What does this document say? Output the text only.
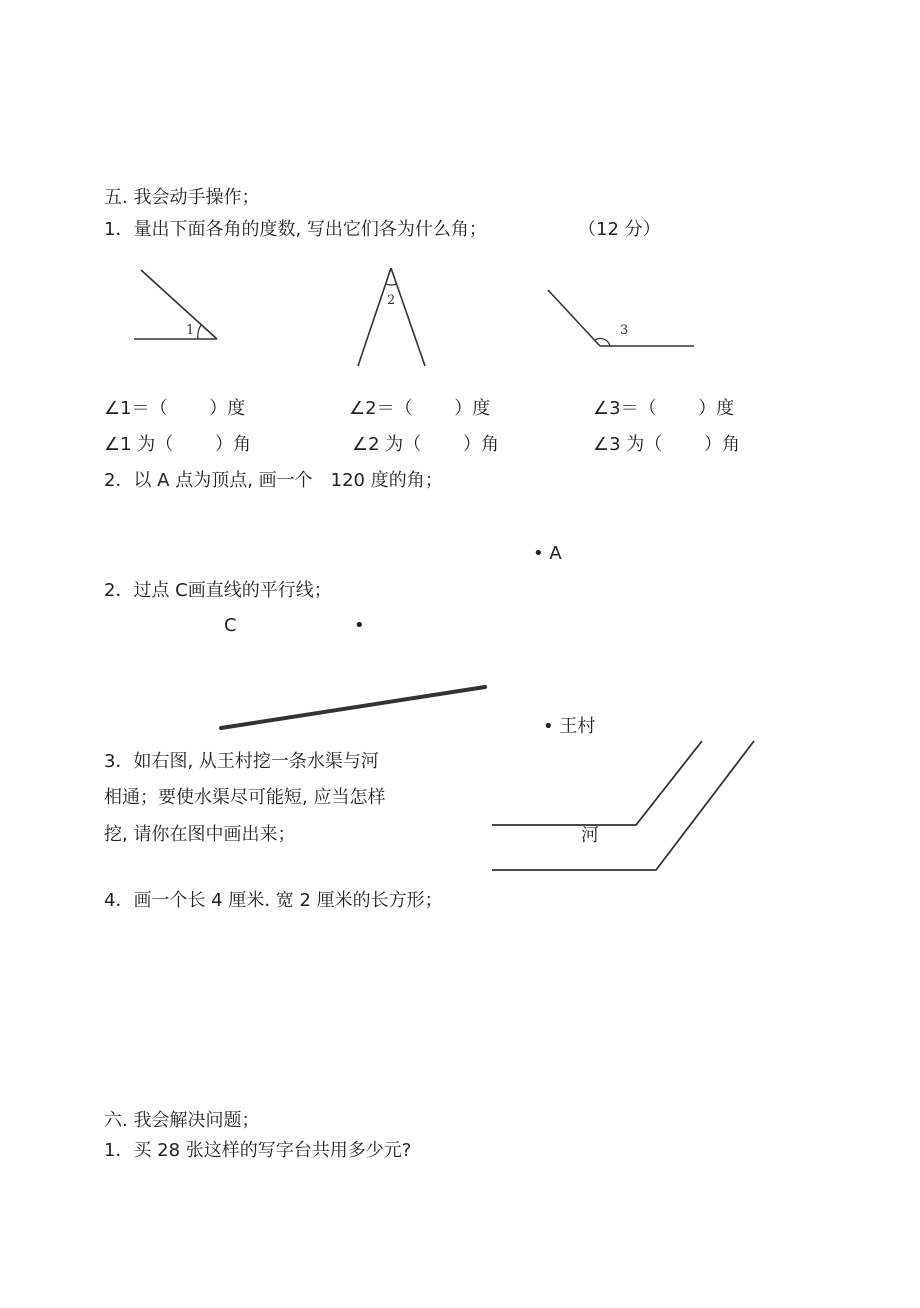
五. 我会动手操作；
1．量出下面各角的度数, 写出它们各为什么角；	（12 分）
1
2
3
∠1＝（　　 ）度	∠2＝（　　 ）度	∠3＝（　　 ）度
∠1 为（　　 ）角	∠2 为（　　 ）角	∠3 为（　　 ）角
2．以 A 点为顶点, 画一个　120 度的角；
• A
2．过点 C画直线的平行线；
C	•
• 王村
3．如右图, 从王村挖一条水渠与河
相通；要使水渠尽可能短, 应当怎样
挖, 请你在图中画出来；	河
4．画一个长 4 厘米. 宽 2 厘米的长方形；
六. 我会解决问题；
1．买 28 张这样的写字台共用多少元?
